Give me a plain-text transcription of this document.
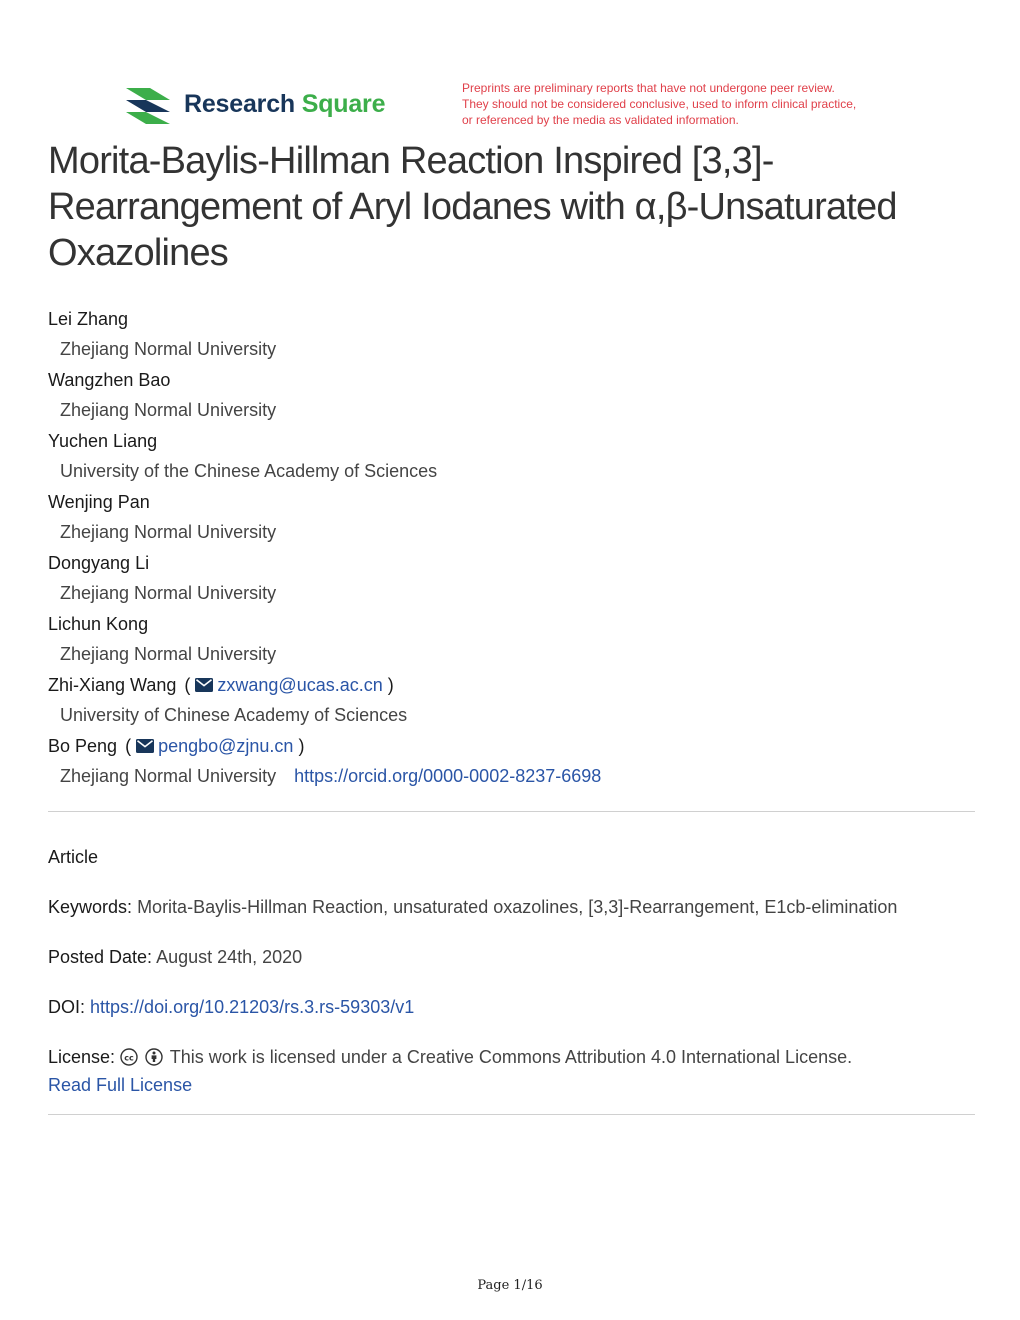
Research Square
Preprints are preliminary reports that have not undergone peer review.
They should not be considered conclusive, used to inform clinical practice,
or referenced by the media as validated information.
Morita-Baylis-Hillman Reaction Inspired [3,3]-Rearrangement of Aryl Iodanes with α,β-Unsaturated Oxazolines
Lei Zhang
Zhejiang Normal University
Wangzhen Bao
Zhejiang Normal University
Yuchen Liang
University of the Chinese Academy of Sciences
Wenjing Pan
Zhejiang Normal University
Dongyang Li
Zhejiang Normal University
Lichun Kong
Zhejiang Normal University
Zhi-Xiang Wang ( zxwang@ucas.ac.cn )
University of Chinese Academy of Sciences
Bo Peng ( pengbo@zjnu.cn )
Zhejiang Normal University https://orcid.org/0000-0002-8237-6698
Article
Keywords: Morita-Baylis-Hillman Reaction, unsaturated oxazolines, [3,3]-Rearrangement, E1cb-elimination
Posted Date: August 24th, 2020
DOI: https://doi.org/10.21203/rs.3.rs-59303/v1
License: cc This work is licensed under a Creative Commons Attribution 4.0 International License.
Read Full License
Page 1/16
